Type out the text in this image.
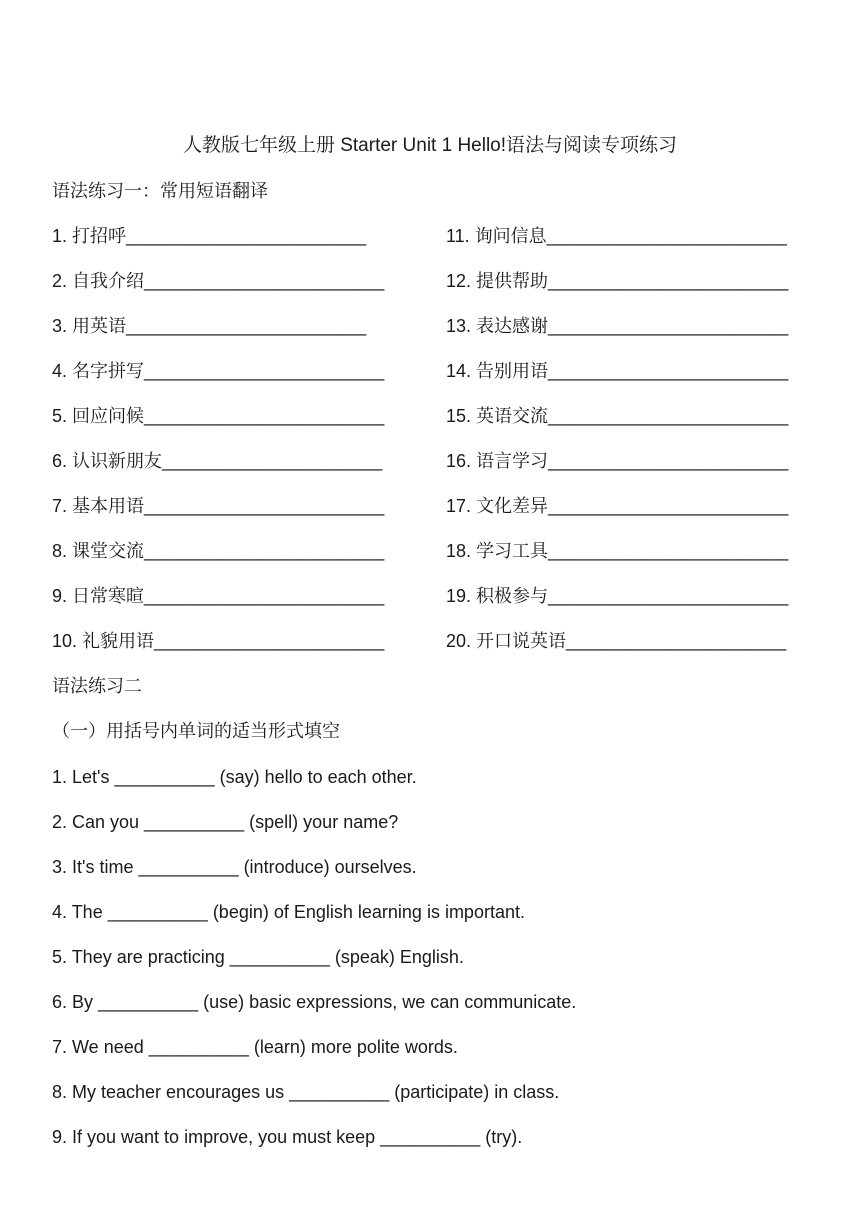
人教版七年级上册 Starter Unit 1 Hello!语法与阅读专项练习
语法练习一：常用短语翻译
1. 打招呼________________________
2. 自我介绍________________________
3. 用英语________________________
4. 名字拼写________________________
5. 回应问候________________________
6. 认识新朋友______________________
7. 基本用语________________________
8. 课堂交流________________________
9. 日常寒暄________________________
10. 礼貌用语_______________________
11. 询问信息________________________
12. 提供帮助________________________
13. 表达感谢________________________
14. 告别用语________________________
15. 英语交流________________________
16. 语言学习________________________
17. 文化差异________________________
18. 学习工具________________________
19. 积极参与________________________
20. 开口说英语______________________
语法练习二
（一）用括号内单词的适当形式填空
1. Let's __________ (say) hello to each other.
2. Can you __________ (spell) your name?
3. It's time __________ (introduce) ourselves.
4. The __________ (begin) of English learning is important.
5. They are practicing __________ (speak) English.
6. By __________ (use) basic expressions, we can communicate.
7. We need __________ (learn) more polite words.
8. My teacher encourages us __________ (participate) in class.
9. If you want to improve, you must keep __________ (try).
